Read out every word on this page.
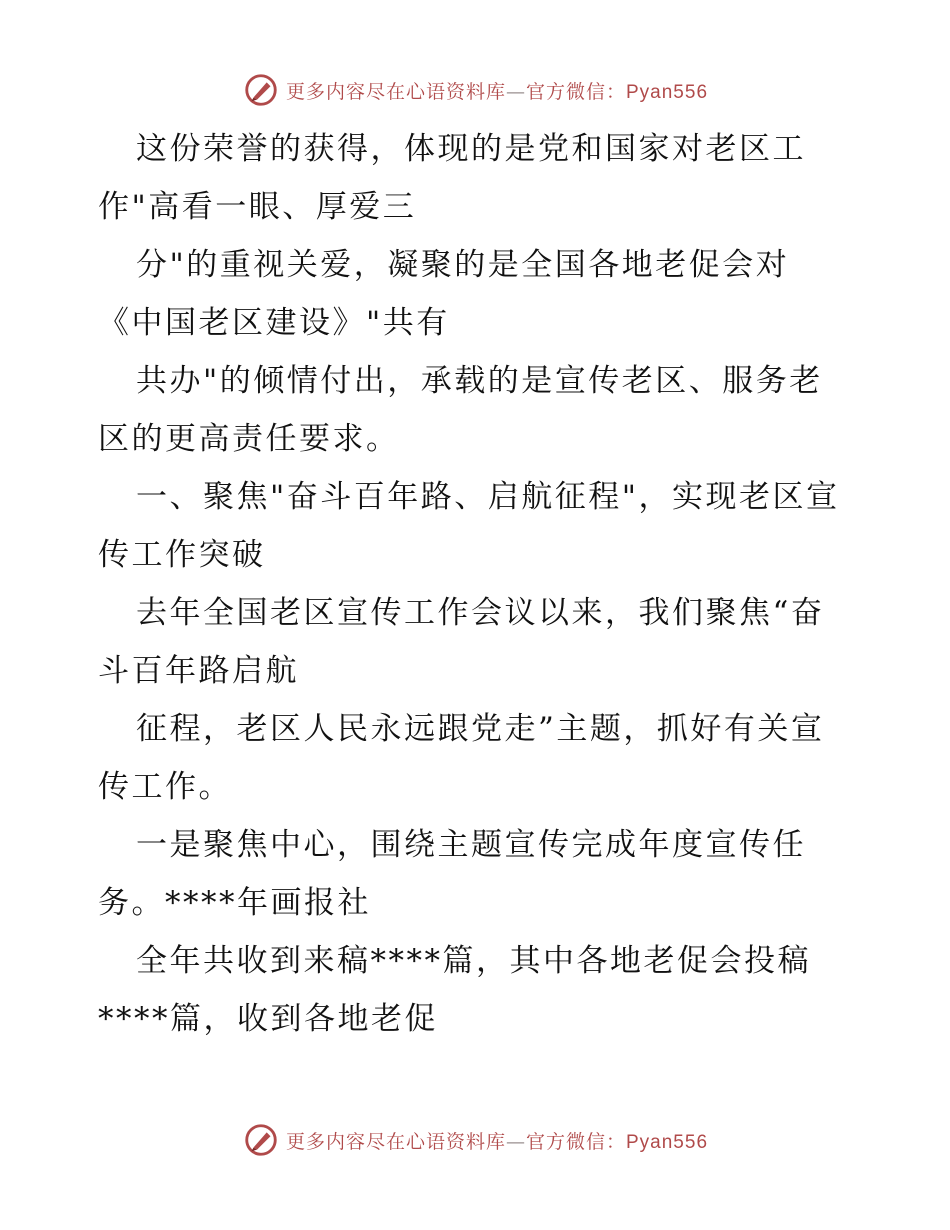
更多内容尽在心语资料库—官方微信：Pyan556
这份荣誉的获得，体现的是党和国家对老区工
作"高看一眼、厚爱三
分"的重视关爱，凝聚的是全国各地老促会对
《中国老区建设》"共有
共办"的倾情付出，承载的是宣传老区、服务老
区的更高责任要求。
一、聚焦"奋斗百年路、启航征程"，实现老区宣
传工作突破
去年全国老区宣传工作会议以来，我们聚焦“奋
斗百年路启航
征程，老区人民永远跟党走”主题，抓好有关宣
传工作。
一是聚焦中心，围绕主题宣传完成年度宣传任
务。****年画报社
全年共收到来稿****篇，其中各地老促会投稿
****篇，收到各地老促
更多内容尽在心语资料库—官方微信：Pyan556
